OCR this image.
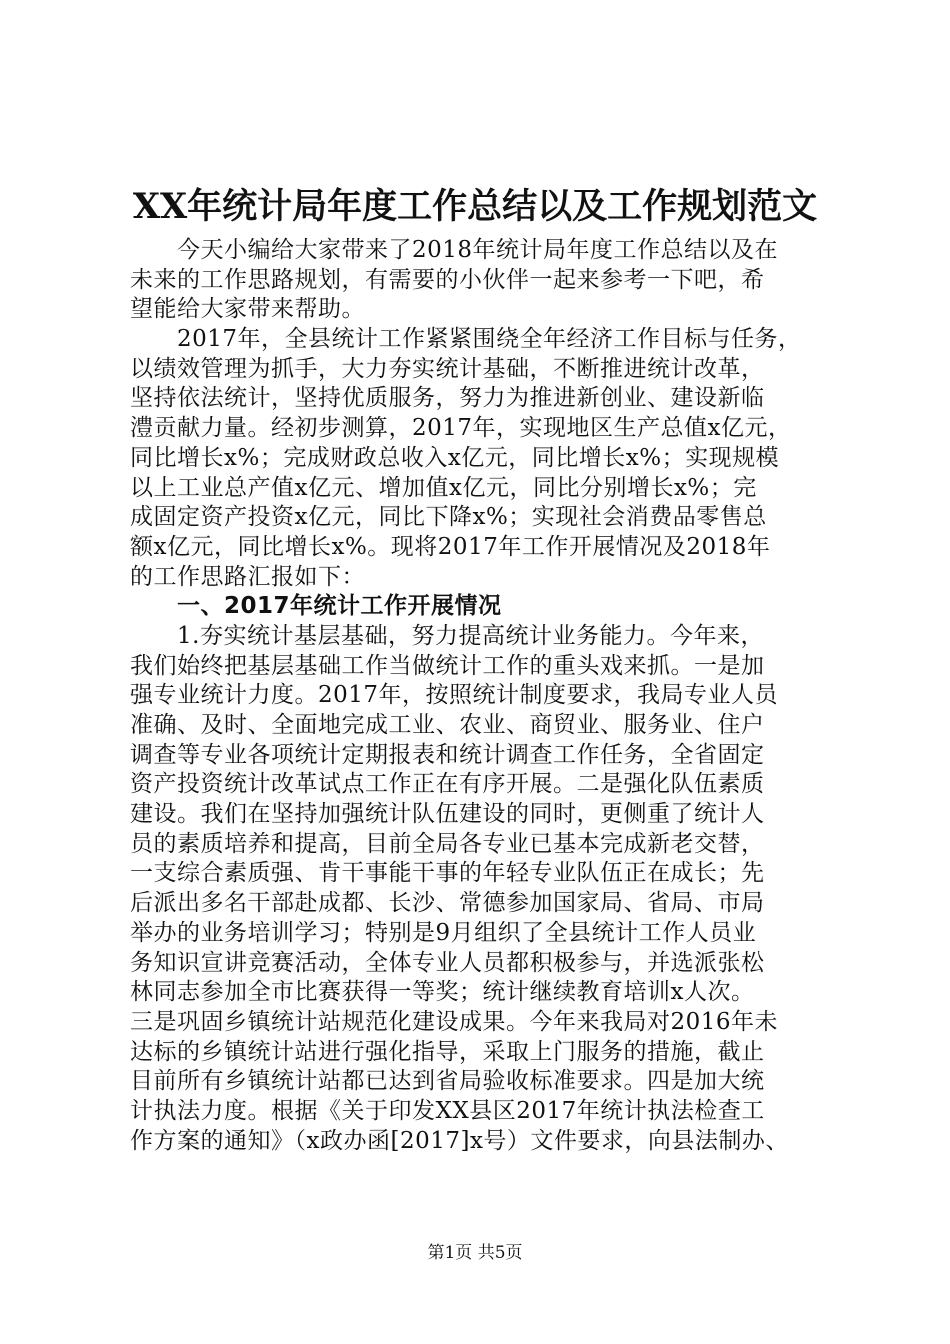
XX年统计局年度工作总结以及工作规划范文
　　今天小编给大家带来了2018年统计局年度工作总结以及在
未来的工作思路规划，有需要的小伙伴一起来参考一下吧，希
望能给大家带来帮助。
　　2017年，全县统计工作紧紧围绕全年经济工作目标与任务，
以绩效管理为抓手，大力夯实统计基础，不断推进统计改革，
坚持依法统计，坚持优质服务，努力为推进新创业、建设新临
澧贡献力量。经初步测算，2017年，实现地区生产总值x亿元，
同比增长x%；完成财政总收入x亿元，同比增长x%；实现规模
以上工业总产值x亿元、增加值x亿元，同比分别增长x%；完
成固定资产投资x亿元，同比下降x%；实现社会消费品零售总
额x亿元，同比增长x%。现将2017年工作开展情况及2018年
的工作思路汇报如下：
　　一、2017年统计工作开展情况
　　1.夯实统计基层基础，努力提高统计业务能力。今年来，
我们始终把基层基础工作当做统计工作的重头戏来抓。一是加
强专业统计力度。2017年，按照统计制度要求，我局专业人员
准确、及时、全面地完成工业、农业、商贸业、服务业、住户
调查等专业各项统计定期报表和统计调查工作任务，全省固定
资产投资统计改革试点工作正在有序开展。二是强化队伍素质
建设。我们在坚持加强统计队伍建设的同时，更侧重了统计人
员的素质培养和提高，目前全局各专业已基本完成新老交替，
一支综合素质强、肯干事能干事的年轻专业队伍正在成长；先
后派出多名干部赴成都、长沙、常德参加国家局、省局、市局
举办的业务培训学习；特别是9月组织了全县统计工作人员业
务知识宣讲竞赛活动，全体专业人员都积极参与，并选派张松
林同志参加全市比赛获得一等奖；统计继续教育培训x人次。
三是巩固乡镇统计站规范化建设成果。今年来我局对2016年未
达标的乡镇统计站进行强化指导，采取上门服务的措施，截止
目前所有乡镇统计站都已达到省局验收标准要求。四是加大统
计执法力度。根据《关于印发XX县区2017年统计执法检查工
作方案的通知》（x政办函[2017]x号）文件要求，向县法制办、
第1页 共5页
